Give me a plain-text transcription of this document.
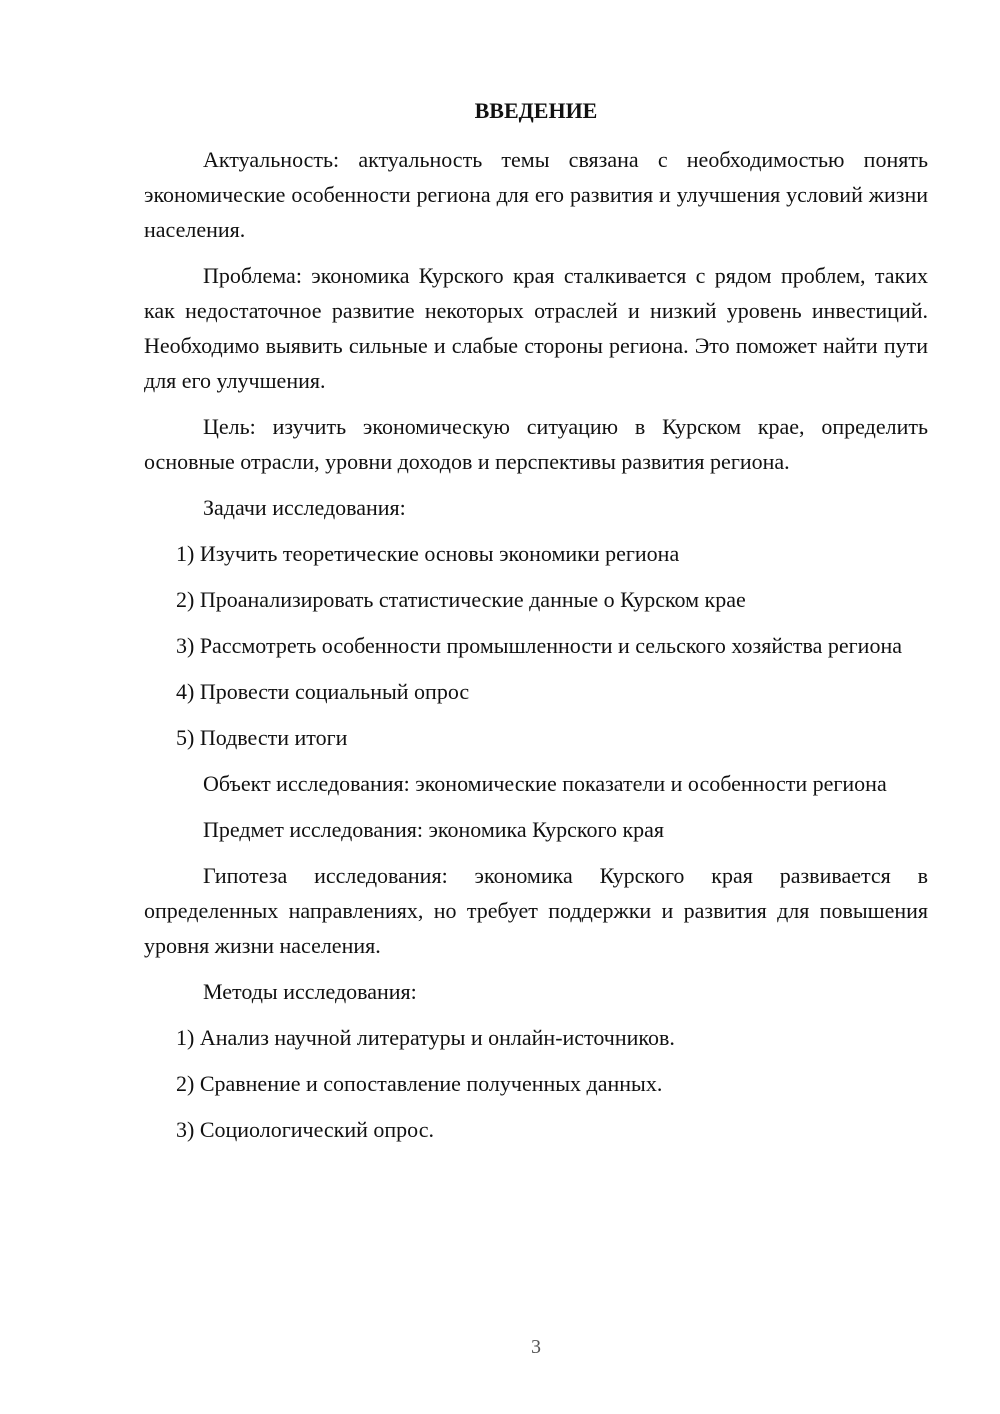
ВВЕДЕНИЕ

Актуальность: актуальность темы связана с необходимостью понять экономические особенности региона для его развития и улучшения условий жизни населения.

Проблема: экономика Курского края сталкивается с рядом проблем, таких как недостаточное развитие некоторых отраслей и низкий уровень инвестиций. Необходимо выявить сильные и слабые стороны региона. Это поможет найти пути для его улучшения.

Цель: изучить экономическую ситуацию в Курском крае, определить основные отрасли, уровни доходов и перспективы развития региона.

Задачи исследования:

1) Изучить теоретические основы экономики региона

2) Проанализировать статистические данные о Курском крае

3) Рассмотреть особенности промышленности и сельского хозяйства региона

4) Провести социальный опрос

5) Подвести итоги

Объект исследования: экономические показатели и особенности региона

Предмет исследования: экономика Курского края

Гипотеза исследования: экономика Курского края развивается в определенных направлениях, но требует поддержки и развития для повышения уровня жизни населения.

Методы исследования:

1) Анализ научной литературы и онлайн-источников.

2) Сравнение и сопоставление полученных данных.

3) Социологический опрос.

3
